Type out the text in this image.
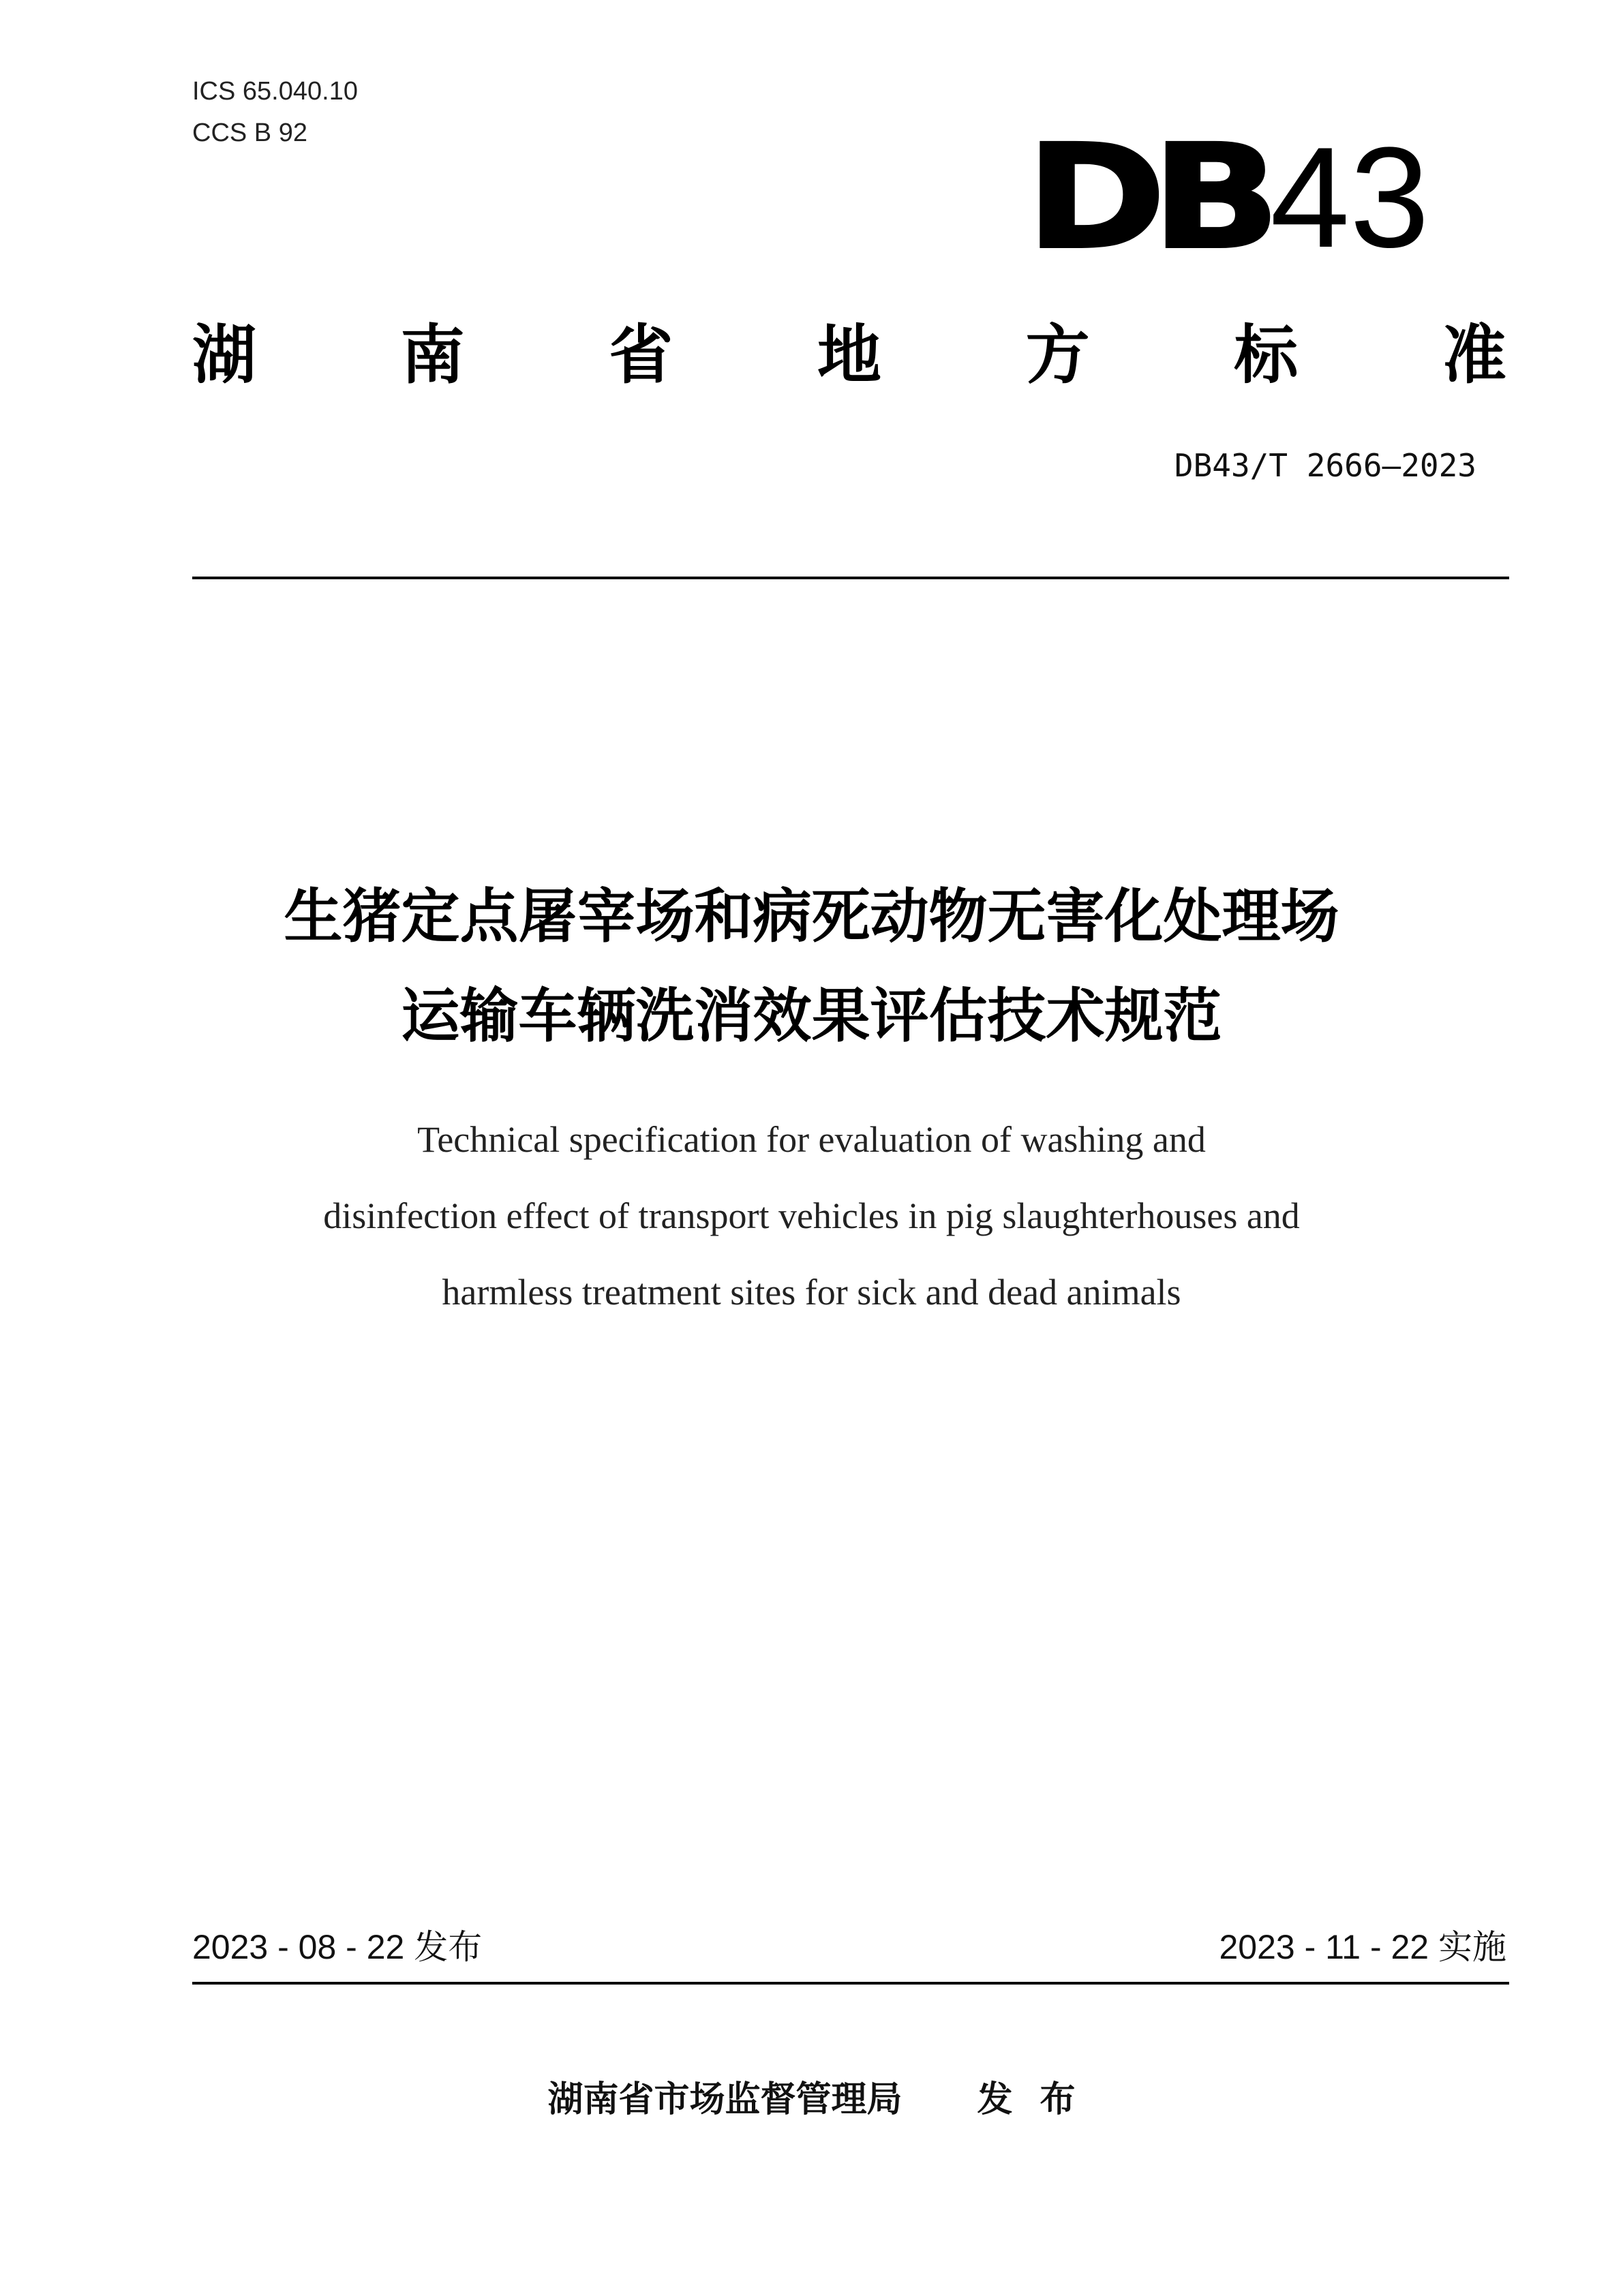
ICS 65.040.10
CCS B 92	DB 43
湖 南 省 地 方 标 准
DB43/T 2666—2023
生猪定点屠宰场和病死动物无害化处理场
运输车辆洗消效果评估技术规范
Technical specification for evaluation of washing and
disinfection effect of transport vehicles in pig slaughterhouses and
harmless treatment sites for sick and dead animals
2023 - 08 - 22 发布	2023 - 11 - 22 实施
湖南省市场监督管理局 发 布
